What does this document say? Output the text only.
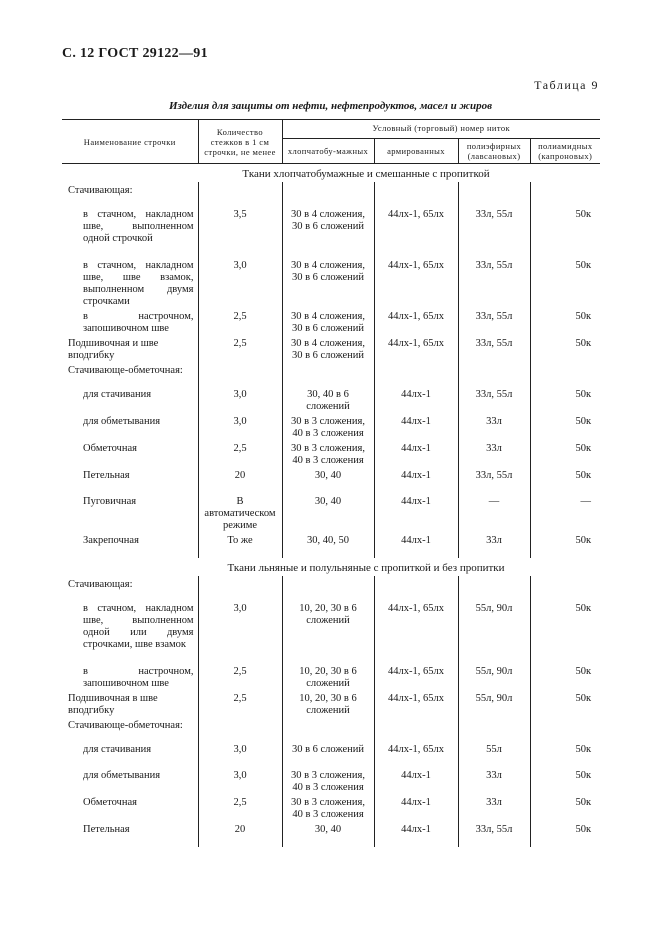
С. 12 ГОСТ 29122—91
Таблица 9
Изделия для защиты от нефти, нефтепродуктов, масел и жиров
Наименование строчки	Количество стежков в 1 см строчки, не менее	Условный (торговый) номер ниток			
		хлопчатобу-мажных	армированных	полиэфирных (лавсановых)	полиамидных (капроновых)
Ткани хлопчатобумажные и смешанные с пропиткой					
Стачивающая:					

в стачном, накладном шве, выполненном одной строчкой	3,5	30 в 4 сложения, 30 в 6 сложений	44лх-1, 65лх	33л, 55л	50к

в стачном, накладном шве, шве взамок, выполненном двумя строчками	3,0	30 в 4 сложения, 30 в 6 сложений	44лх-1, 65лх	33л, 55л	50к

в настрочном, запошивочном шве	2,5	30 в 4 сложения, 30 в 6 сложений	44лх-1, 65лх	33л, 55л	50к

Подшивочная и шве вподгибку	2,5	30 в 4 сложения, 30 в 6 сложений	44лх-1, 65лх	33л, 55л	50к

Стачивающе-обметочная:					

для стачивания	3,0	30, 40 в 6 сложений	44лх-1	33л, 55л	50к

для обметывания	3,0	30 в 3 сложения, 40 в 3 сложения	44лх-1	33л	50к

Обметочная	2,5	30 в 3 сложения, 40 в 3 сложения	44лх-1	33л	50к

Петельная	20	30, 40	44лх-1	33л, 55л	50к

Пуговичная	В автоматическом режиме	30, 40	44лх-1	—	—

Закрепочная	То же	30, 40, 50	44лх-1	33л	50к

Ткани льняные и полульняные с пропиткой и без пропитки					
Стачивающая:					

в стачном, накладном шве, выполненном одной или двумя строчками, шве взамок	3,0	10, 20, 30 в 6 сложений	44лх-1, 65лх	55л, 90л	50к

в настрочном, запошивочном шве	2,5	10, 20, 30 в 6 сложений	44лх-1, 65лх	55л, 90л	50к

Подшивочная в шве вподгибку	2,5	10, 20, 30 в 6 сложений	44лх-1, 65лх	55л, 90л	50к

Стачивающе-обметочная:					

для стачивания	3,0	30 в 6 сложений	44лх-1, 65лх	55л	50к

для обметывания	3,0	30 в 3 сложения, 40 в 3 сложения	44лх-1	33л	50к

Обметочная	2,5	30 в 3 сложения, 40 в 3 сложения	44лх-1	33л	50к

Петельная	20	30, 40	44лх-1	33л, 55л	50к
